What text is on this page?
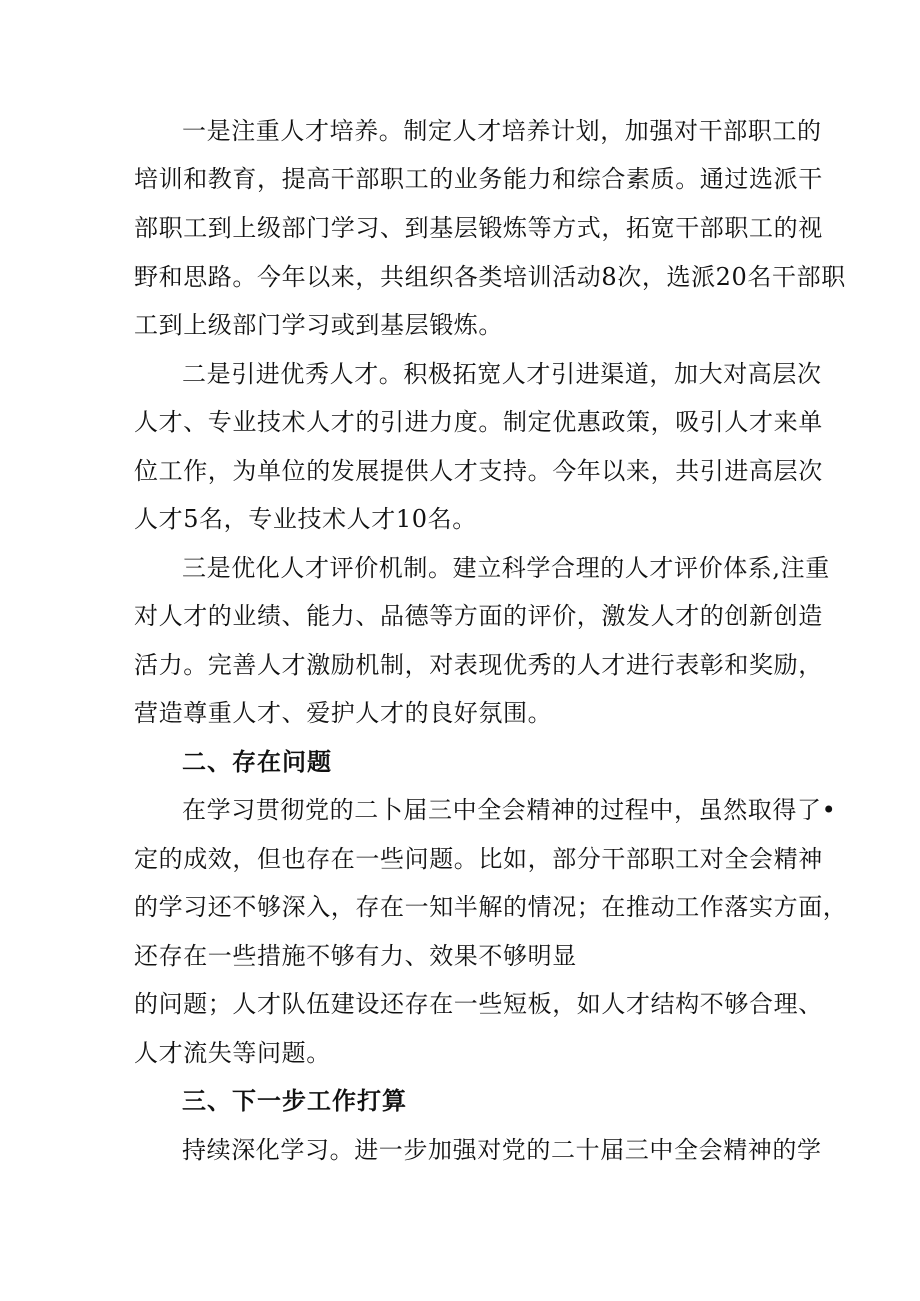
一是注重人才培养。制定人才培养计划，加强对干部职工的
培训和教育，提高干部职工的业务能力和综合素质。通过选派干
部职工到上级部门学习、到基层锻炼等方式，拓宽干部职工的视
野和思路。今年以来，共组织各类培训活动8次，选派20名干部职
工到上级部门学习或到基层锻炼。
二是引进优秀人才。积极拓宽人才引进渠道，加大对高层次
人才、专业技术人才的引进力度。制定优惠政策，吸引人才来单
位工作，为单位的发展提供人才支持。今年以来，共引进高层次
人才5名，专业技术人才10名。
三是优化人才评价机制。建立科学合理的人才评价体系,注重
对人才的业绩、能力、品德等方面的评价，激发人才的创新创造
活力。完善人才激励机制，对表现优秀的人才进行表彰和奖励，
营造尊重人才、爱护人才的良好氛围。
二、存在问题
在学习贯彻党的二卜届三中全会精神的过程中，虽然取得了•
定的成效，但也存在一些问题。比如，部分干部职工对全会精神
的学习还不够深入，存在一知半解的情况；在推动工作落实方面，
还存在一些措施不够有力、效果不够明显
的问题；人才队伍建设还存在一些短板，如人才结构不够合理、
人才流失等问题。
三、下一步工作打算
持续深化学习。进一步加强对党的二十届三中全会精神的学
